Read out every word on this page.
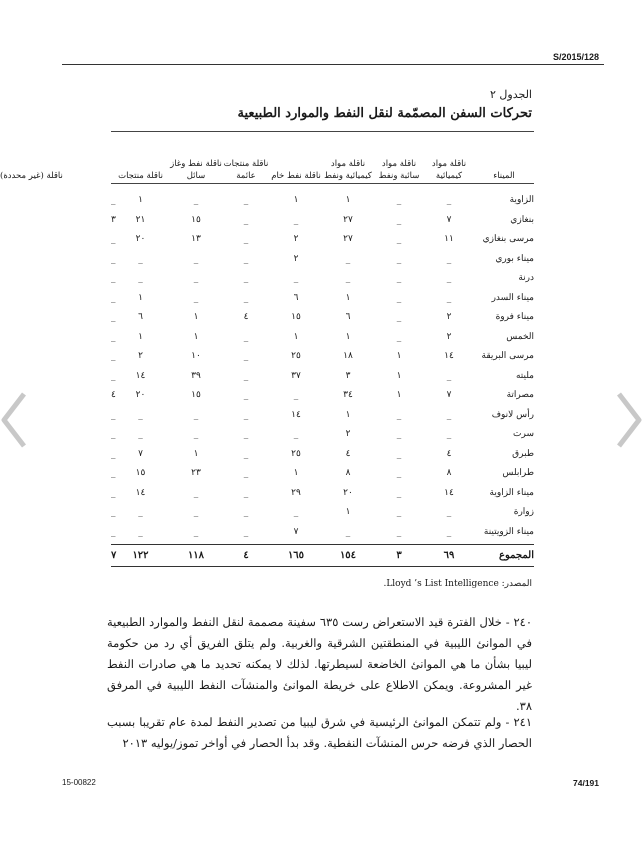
S/2015/128
الجدول ٢
تحركات السفن المصمّمة لنقل النفط والموارد الطبيعية
الميناء
ناقلة مواد كيميائية
ناقلة مواد سائبة ونفط
ناقلة مواد كيميائية ونفط
ناقلة نفط خام
ناقلة منتجات عائمة
ناقلة نفط وغاز سائل
ناقلة منتجات
ناقلة (غير محددة)
الزاوية
_
_
١
١
_
_
١
_
بنغازي
٧
_
٢٧
_
_
١٥
٢١
٣
مرسى بنغازي
١١
_
٢٧
٢
_
١٣
٢٠
_
ميناء بوري
_
_
_
٢
_
_
_
_
درنة
_
_
_
_
_
_
_
_
ميناء السدر
_
_
١
٦
_
_
١
_
ميناء فروة
٢
_
٦
١٥
٤
١
٦
_
الخمس
٢
_
١
١
_
١
١
_
مرسى البريقة
١٤
١
١٨
٢٥
_
١٠
٢
_
مليته
_
١
٣
٣٧
_
٣٩
١٤
_
مصراتة
٧
١
٣٤
_
_
١٥
٢٠
٤
رأس لانوف
_
_
١
١٤
_
_
_
_
سرت
_
_
٢
_
_
_
_
_
طبرق
٤
_
٤
٢٥
_
١
٧
_
طرابلس
٨
_
٨
١
_
٢٣
١٥
_
ميناء الزاوية
١٤
_
٢٠
٢٩
_
_
١٤
_
زوارة
_
_
١
_
_
_
_
_
ميناء الزويتينة
_
_
_
٧
_
_
_
_
المجموع
٦٩
٣
١٥٤
١٦٥
٤
١١٨
١٢٢
٧
المصدر: Lloyd ’s List Intelligence.
٢٤٠ - خلال الفترة قيد الاستعراض رست ٦٣٥ سفينة مصممة لنقل النفط والموارد الطبيعية في الموانئ الليبية في المنطقتين الشرقية والغربية. ولم يتلق الفريق أي رد من حكومة ليبيا بشأن ما هي الموانئ الخاضعة لسيطرتها. لذلك لا يمكنه تحديد ما هي صادرات النفط غير المشروعة. ويمكن الاطلاع على خريطة الموانئ والمنشآت النفط الليبية في المرفق ٣٨.
٢٤١ - ولم تتمكن الموانئ الرئيسية في شرق ليبيا من تصدير النفط لمدة عام تقريبا بسبب الحصار الذي فرضه حرس المنشآت النفطية. وقد بدأ الحصار في أواخر تموز/يوليه ٢٠١٣
15-00822	74/191
